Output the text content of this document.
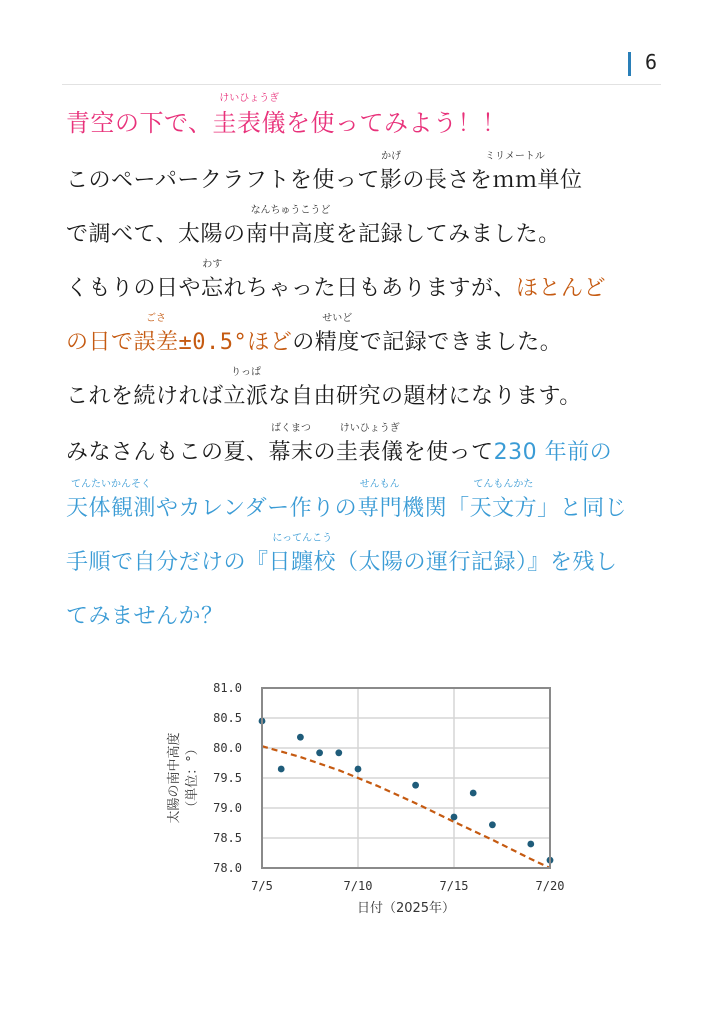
6
青空の下で、圭表儀
けいひょうぎ
を使ってみよう！！
このペーパークラフトを使って影
かげ
の長さをｍｍ
ミリメートル
単位
で調べて、太陽の南中高度
なんちゅうこうど
を記録してみました。
くもりの日や忘
わす
れちゃった日もありますが、ほとんど
の日で誤差
ごさ
±0.5°ほどの精度
せいど
で記録できました。
これを続ければ立派
りっぱ
な自由研究の題材になります。
みなさんもこの夏、幕末
ばくまつ
の圭表儀
けいひょうぎ
を使って230 年前の
天体観測
てんたいかんそく
やカレンダー作りの専門
せんもん
機関「天文方
てんもんかた
」と同じ
手順で自分だけの『日躔校
にってんこう
（太陽の運行記録）』を残し
てみませんか？
78.0
78.5
79.0
79.5
80.0
80.5
81.0
7/5	7/10	7/15	7/20
日付（2025年）
太陽の南中高度 （単位：°）
